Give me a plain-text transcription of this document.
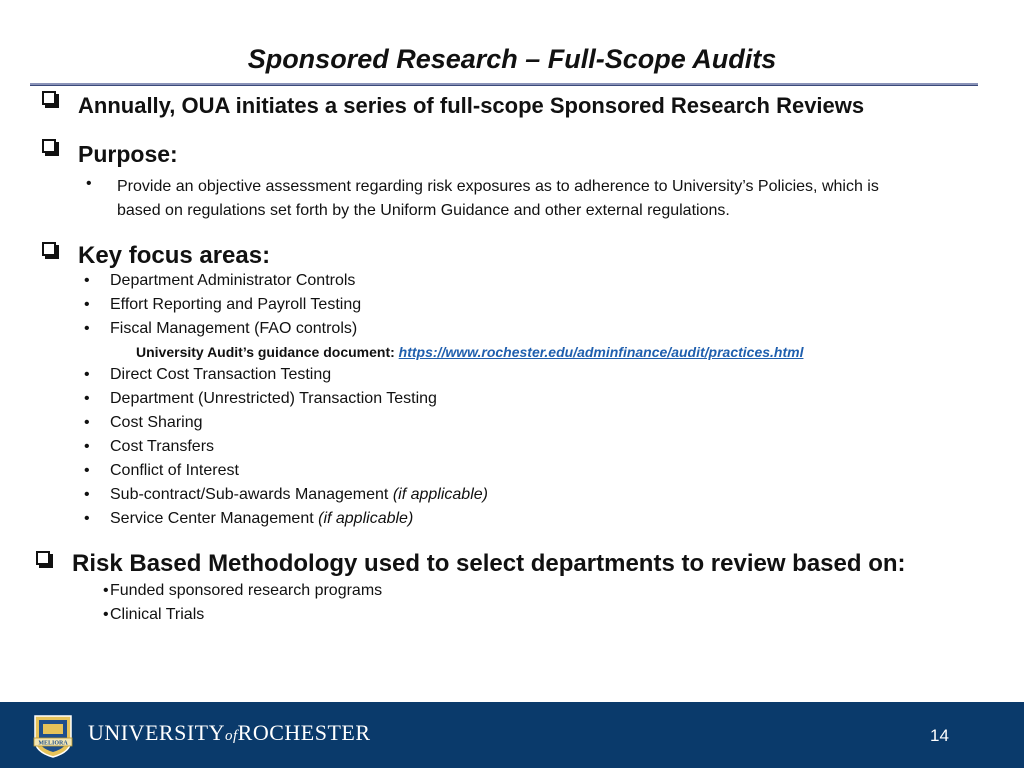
Sponsored Research – Full-Scope Audits
Annually, OUA initiates a series of full-scope Sponsored Research Reviews
Purpose:
Provide an objective assessment regarding risk exposures as to adherence to University’s Policies, which is
based on regulations set forth by the Uniform Guidance and other external regulations.
•
Key focus areas:
• Department Administrator Controls
• Effort Reporting and Payroll Testing
• Fiscal Management (FAO controls)
University Audit’s guidance document: https://www.rochester.edu/adminfinance/audit/practices.html
• Direct Cost Transaction Testing
• Department (Unrestricted) Transaction Testing
• Cost Sharing
• Cost Transfers
• Conflict of Interest
• Sub-contract/Sub-awards Management (if applicable)
• Service Center Management (if applicable)
Risk Based Methodology used to select departments to review based on:
• Funded sponsored research programs
• Clinical Trials
MELIORA UNIVERSITYofROCHESTER	14
